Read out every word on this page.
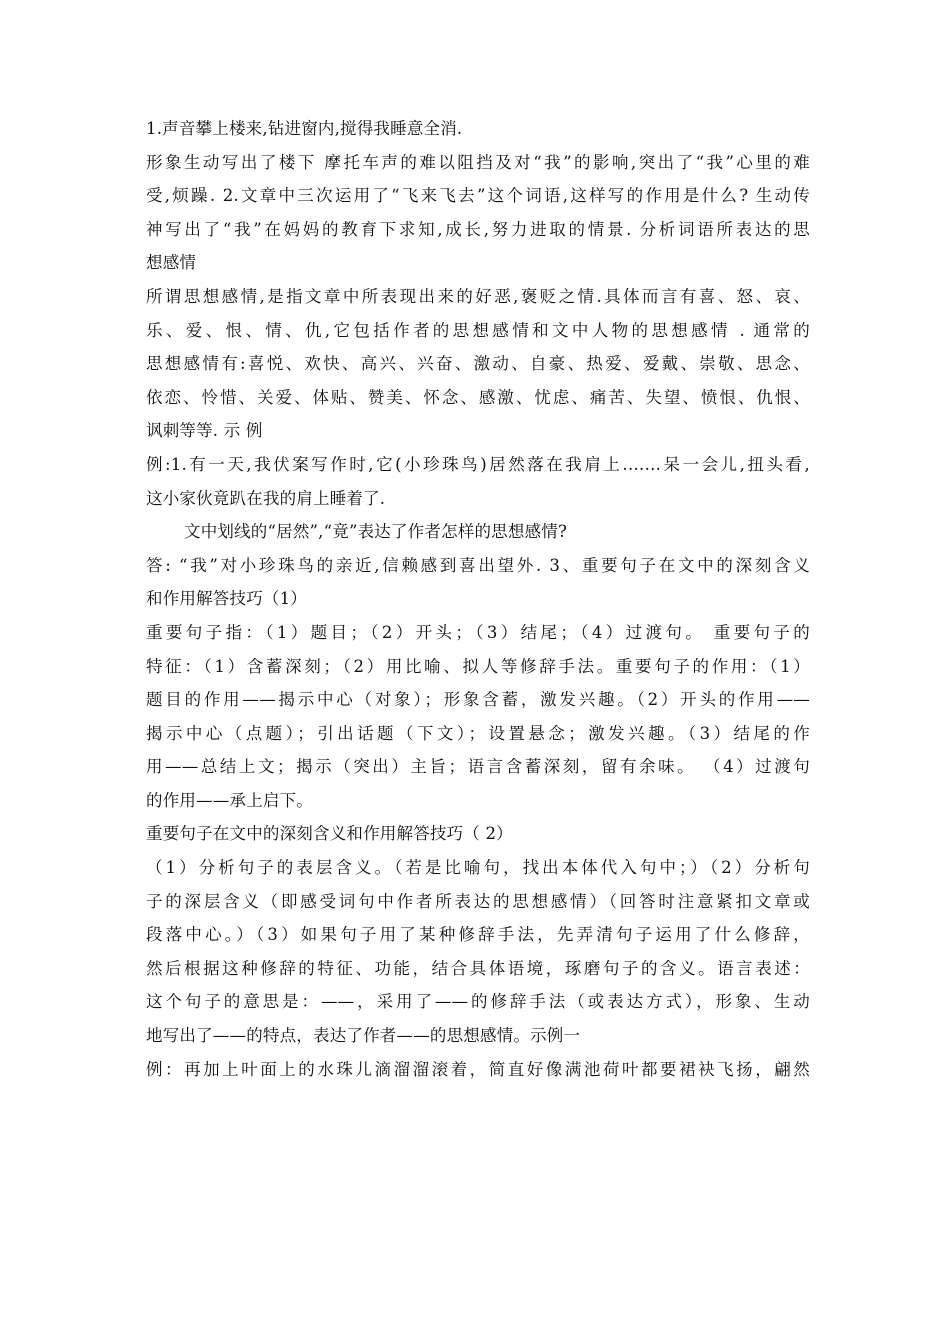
1.声音攀上楼来,钻进窗内,搅得我睡意全消.
形象生动写出了楼下 摩托车声的难以阻挡及对“我”的影响,突出了“我”心里的难
受,烦躁. 2.文章中三次运用了“飞来飞去”这个词语,这样写的作用是什么? 生动传
神写出了“我”在妈妈的教育下求知,成长,努力进取的情景. 分析词语所表达的思
想感情
所谓思想感情,是指文章中所表现出来的好恶,褒贬之情.具体而言有喜、怒、哀、
乐、爱、恨、情、仇,它包括作者的思想感情和文中人物的思想感情 . 通常的
思想感情有:喜悦、欢快、高兴、兴奋、激动、自豪、热爱、爱戴、崇敬、思念、
依恋、怜惜、关爱、体贴、赞美、怀念、感激、忧虑、痛苦、失望、愤恨、仇恨、
讽刺等等. 示 例
例:1.有一天,我伏案写作时,它(小珍珠鸟)居然落在我肩上.……呆一会儿,扭头看,
这小家伙竟趴在我的肩上睡着了.
文中划线的“居然”,“竟”表达了作者怎样的思想感情?
答: “我”对小珍珠鸟的亲近,信赖感到喜出望外. 3、重要句子在文中的深刻含义
和作用解答技巧（1）
重要句子指：（1）题目；（2）开头；（3）结尾；（4）过渡句。 重要句子的
特征：（1）含蓄深刻；（2）用比喻、拟人等修辞手法。重要句子的作用：（1）
题目的作用——揭示中心（对象）；形象含蓄，激发兴趣。（2）开头的作用——
揭示中心（点题）；引出话题（下文）；设置悬念；激发兴趣。（3）结尾的作
用——总结上文；揭示（突出）主旨；语言含蓄深刻，留有余味。 （4）过渡句
的作用——承上启下。
重要句子在文中的深刻含义和作用解答技巧（ 2）
（1）分析句子的表层含义。（若是比喻句，找出本体代入句中；）（2）分析句
子的深层含义（即感受词句中作者所表达的思想感情）（回答时注意紧扣文章或
段落中心。）（3）如果句子用了某种修辞手法，先弄清句子运用了什么修辞，
然后根据这种修辞的特征、功能，结合具体语境，琢磨句子的含义。语言表述：
这个句子的意思是：——，采用了——的修辞手法（或表达方式），形象、生动
地写出了——的特点，表达了作者——的思想感情。示例一
例：再加上叶面上的水珠儿滴溜溜滚着，简直好像满池荷叶都要裙袂飞扬，翩然
